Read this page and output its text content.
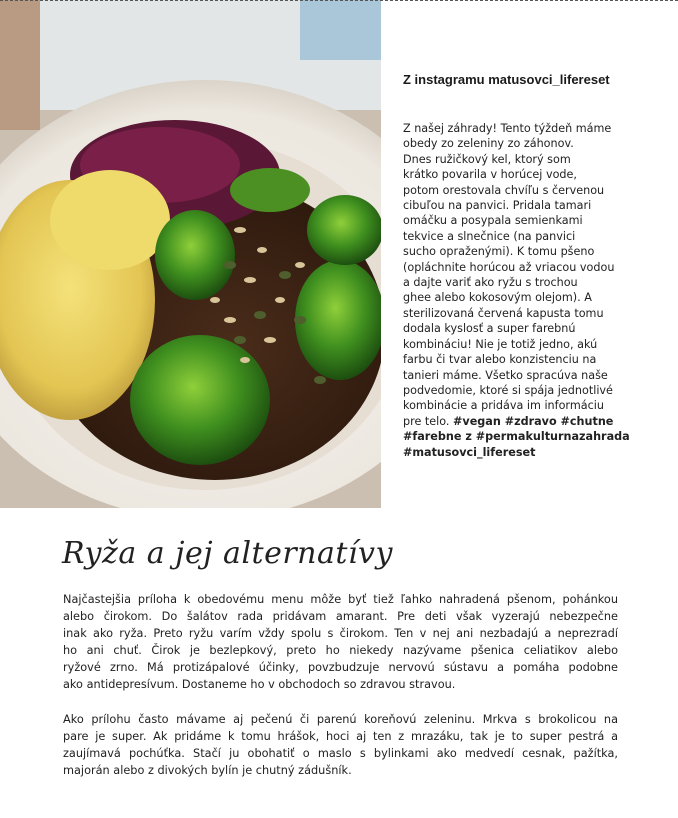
Z instagramu matusovci_lifereset
Z našej záhrady! Tento týždeň máme
obedy zo zeleniny zo záhonov.
Dnes ružičkový kel, ktorý som
krátko povarila v horúcej vode,
potom orestovala chvíľu s červenou
cibuľou na panvici. Pridala tamari
omáčku a posypala semienkami
tekvice a slnečnice (na panvici
sucho opraženými). K tomu pšeno
(opláchnite horúcou až vriacou vodou
a dajte variť ako ryžu s trochou
ghee alebo kokosovým olejom). A
sterilizovaná červená kapusta tomu
dodala kyslosť a super farebnú
kombináciu! Nie je totiž jedno, akú
farbu či tvar alebo konzistenciu na
tanieri máme. Všetko spracúva naše
podvedomie, ktoré si spája jednotlivé
kombinácie a pridáva im informáciu
pre telo. #vegan #zdravo #chutne
#farebne z #permakulturnazahrada
#matusovci_lifereset
Ryža a jej alternatívy

Najčastejšia príloha k obedovému menu môže byť tiež ľahko nahradená pšenom, pohánkou
alebo čirokom. Do šalátov rada pridávam amarant. Pre deti však vyzerajú nebezpečne
inak ako ryža. Preto ryžu varím vždy spolu s čirokom. Ten v nej ani nezbadajú a neprezradí
ho ani chuť. Čirok je bezlepkový, preto ho niekedy nazývame pšenica celiatikov alebo
ryžové zrno. Má protizápalové účinky, povzbudzuje nervovú sústavu a pomáha podobne
ako antidepresívum. Dostaneme ho v obchodoch so zdravou stravou.

Ako prílohu často mávame aj pečenú či parenú koreňovú zeleninu. Mrkva s brokolicou na
pare je super. Ak pridáme k tomu hrášok, hoci aj ten z mrazáku, tak je to super pestrá a
zaujímavá pochúťka. Stačí ju obohatiť o maslo s bylinkami ako medvedí cesnak, pažítka,
majorán alebo z divokých bylín je chutný zádušník.
